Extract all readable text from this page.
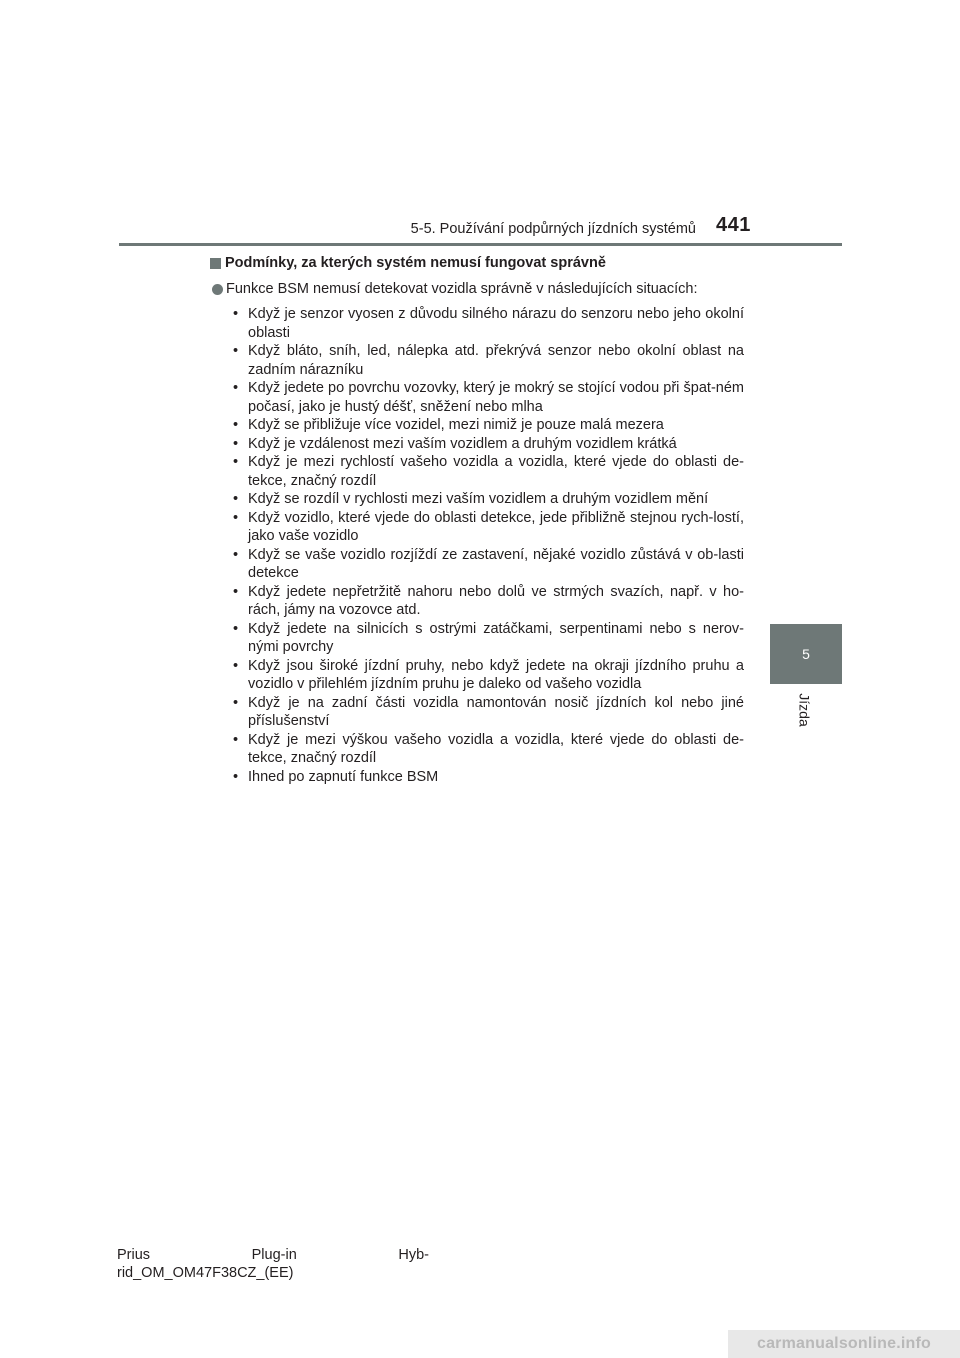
5-5. Používání podpůrných jízdních systémů 441
5
Jízda
Podmínky, za kterých systém nemusí fungovat správně
Funkce BSM nemusí detekovat vozidla správně v následujících situacích:
• Když je senzor vyosen z důvodu silného nárazu do senzoru nebo jeho okolní oblasti
• Když bláto, sníh, led, nálepka atd. překrývá senzor nebo okolní oblast na zadním nárazníku
• Když jedete po povrchu vozovky, který je mokrý se stojící vodou při špat-ném počasí, jako je hustý déšť, sněžení nebo mlha
• Když se přibližuje více vozidel, mezi nimiž je pouze malá mezera
• Když je vzdálenost mezi vaším vozidlem a druhým vozidlem krátká
• Když je mezi rychlostí vašeho vozidla a vozidla, které vjede do oblasti de-tekce, značný rozdíl
• Když se rozdíl v rychlosti mezi vaším vozidlem a druhým vozidlem mění
• Když vozidlo, které vjede do oblasti detekce, jede přibližně stejnou rych-lostí, jako vaše vozidlo
• Když se vaše vozidlo rozjíždí ze zastavení, nějaké vozidlo zůstává v ob-lasti detekce
• Když jedete nepřetržitě nahoru nebo dolů ve strmých svazích, např. v ho-rách, jámy na vozovce atd.
• Když jedete na silnicích s ostrými zatáčkami, serpentinami nebo s nerov-nými povrchy
• Když jsou široké jízdní pruhy, nebo když jedete na okraji jízdního pruhu a vozidlo v přilehlém jízdním pruhu je daleko od vašeho vozidla
• Když je na zadní části vozidla namontován nosič jízdních kol nebo jiné příslušenství
• Když je mezi výškou vašeho vozidla a vozidla, které vjede do oblasti de-tekce, značný rozdíl
• Ihned po zapnutí funkce BSM
Prius	Plug-in	Hyb-
rid_OM_OM47F38CZ_(EE)
carmanualsonline.info
